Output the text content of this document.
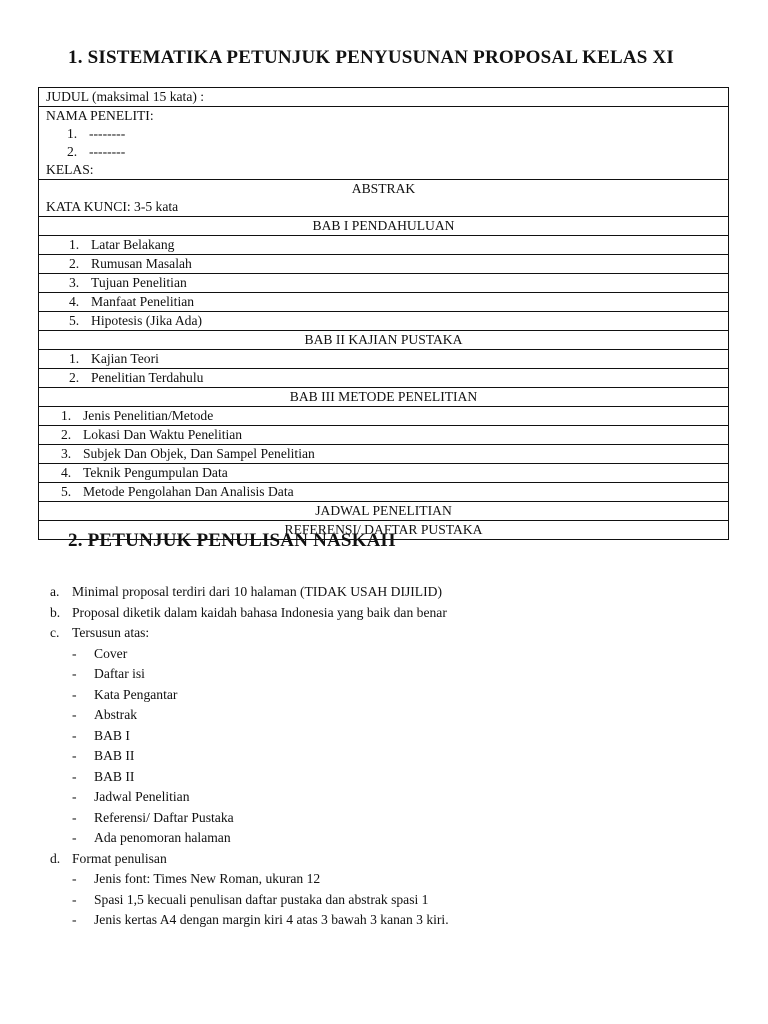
1. SISTEMATIKA PETUNJUK PENYUSUNAN PROPOSAL KELAS XI
JUDUL (maksimal 15 kata) :

NAMA PENELITI:
1. --------
2. --------
KELAS:

ABSTRAK
KATA KUNCI: 3-5 kata

BAB I PENDAHULUAN
1. Latar Belakang
2. Rumusan Masalah
3. Tujuan Penelitian
4. Manfaat Penelitian
5. Hipotesis (Jika Ada)
BAB II KAJIAN PUSTAKA
1. Kajian Teori
2. Penelitian Terdahulu
BAB III METODE PENELITIAN
1. Jenis Penelitian/Metode
2. Lokasi Dan Waktu Penelitian
3. Subjek Dan Objek, Dan Sampel Penelitian
4. Teknik Pengumpulan Data
5. Metode Pengolahan Dan Analisis Data
JADWAL PENELITIAN
REFERENSI/ DAFTAR PUSTAKA
2. PETUNJUK PENULISAN NASKAH
a. Minimal proposal terdiri dari 10 halaman (TIDAK USAH DIJILID)
b. Proposal diketik dalam kaidah bahasa Indonesia yang baik dan benar
c. Tersusun atas:
- Cover
- Daftar isi
- Kata Pengantar
- Abstrak
- BAB I
- BAB II
- BAB II
- Jadwal Penelitian
- Referensi/ Daftar Pustaka
- Ada penomoran halaman
d. Format penulisan
- Jenis font: Times New Roman, ukuran 12
- Spasi 1,5 kecuali penulisan daftar pustaka dan abstrak spasi 1
- Jenis kertas A4 dengan margin kiri 4 atas 3 bawah 3 kanan 3 kiri.
